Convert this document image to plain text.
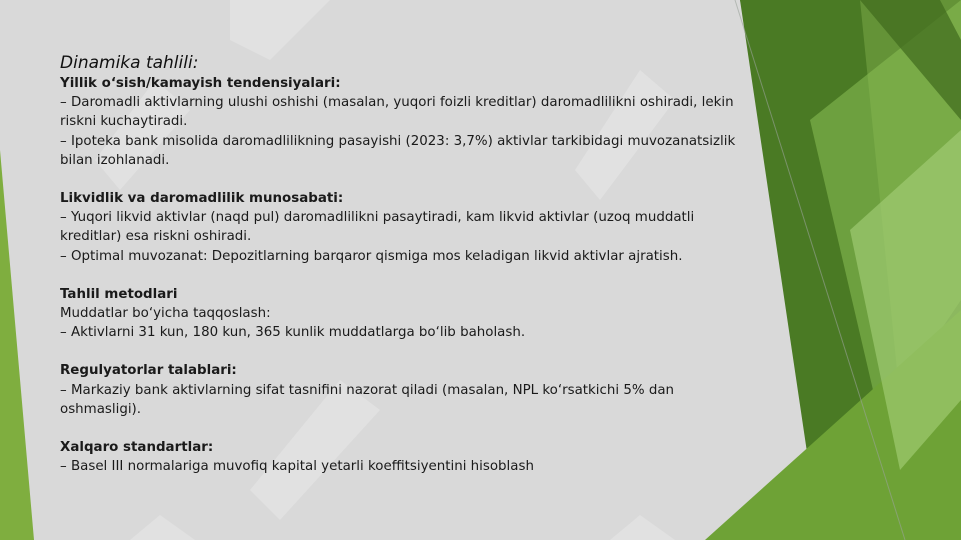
Dinamika tahlili:

Yillik o‘sish/kamayish tendensiyalari:
– Daromadli aktivlarning ulushi oshishi (masalan, yuqori foizli kreditlar) daromadlilikni oshiradi, lekin riskni kuchaytiradi.
– Ipoteka bank misolida daromadlilikning pasayishi (2023: 3,7%) aktivlar tarkibidagi muvozanatsizlik bilan izohlanadi.
Likvidlik va daromadlilik munosabati:
– Yuqori likvid aktivlar (naqd pul) daromadlilikni pasaytiradi, kam likvid aktivlar (uzoq muddatli kreditlar) esa riskni oshiradi.
– Optimal muvozanat: Depozitlarning barqaror qismiga mos keladigan likvid aktivlar ajratish.
Tahlil metodlari
Muddatlar bo‘yicha taqqoslash:
– Aktivlarni 31 kun, 180 kun, 365 kunlik muddatlarga bo‘lib baholash.
Regulyatorlar talablari:
– Markaziy bank aktivlarning sifat tasnifini nazorat qiladi (masalan, NPL ko‘rsatkichi 5% dan oshmasligi).
Xalqaro standartlar:
– Basel III normalariga muvofiq kapital yetarli koeffitsiyentini hisoblash
